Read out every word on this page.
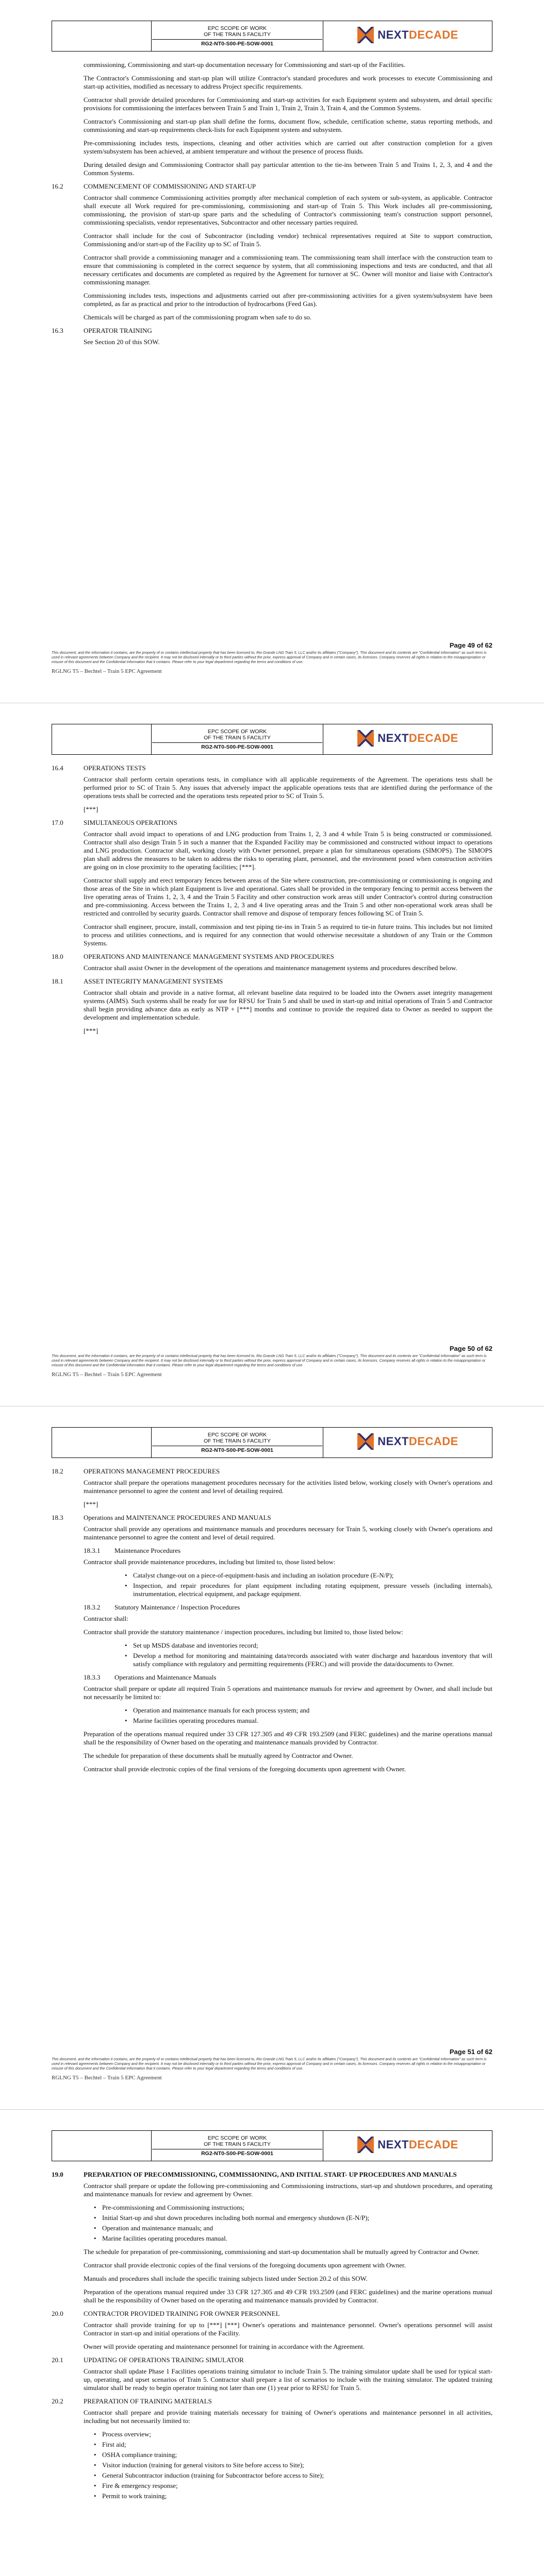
EPC SCOPE OF WORK
OF THE TRAIN 5 FACILITY
RG2-NT0-S00-PE-SOW-0001

NEXTDECADE

commissioning, Commissioning and start-up documentation necessary for Commissioning and start-up of the Facilities.

The Contractor's Commissioning and start-up plan will utilize Contractor's standard procedures and work processes to execute Commissioning and start-up activities, modified as necessary to address Project specific requirements.

Contractor shall provide detailed procedures for Commissioning and start-up activities for each Equipment system and subsystem, and detail specific provisions for commissioning the interfaces between Train 5 and Train 1, Train 2, Train 3, Train 4, and the Common Systems.

Contractor's Commissioning and start-up plan shall define the forms, document flow, schedule, certification scheme, status reporting methods, and commissioning and start-up requirements check-lists for each Equipment system and subsystem.

Pre-commissioning includes tests, inspections, cleaning and other activities which are carried out after construction completion for a given system/subsystem has been achieved, at ambient temperature and without the presence of process fluids.

During detailed design and Commissioning Contractor shall pay particular attention to the tie-ins between Train 5 and Trains 1, 2, 3, and 4 and the Common Systems.

16.2	COMMENCEMENT OF COMMISSIONING AND START-UP

Contractor shall commence Commissioning activities promptly after mechanical completion of each system or sub-system, as applicable. Contractor shall execute all Work required for pre-commissioning, commissioning and start-up of Train 5. This Work includes all pre-commissioning, commissioning, the provision of start-up spare parts and the scheduling of Contractor's commissioning team's construction support personnel, commissioning specialists, vendor representatives, Subcontractor and other necessary parties required.

Contractor shall include for the cost of Subcontractor (including vendor) technical representatives required at Site to support construction, Commissioning and/or start-up of the Facility up to SC of Train 5.

Contractor shall provide a commissioning manager and a commissioning team. The commissioning team shall interface with the construction team to ensure that commissioning is completed in the correct sequence by system, that all commissioning inspections and tests are conducted, and that all necessary certificates and documents are completed as required by the Agreement for turnover at SC. Owner will monitor and liaise with Contractor's commissioning manager.

Commissioning includes tests, inspections and adjustments carried out after pre-commissioning activities for a given system/subsystem have been completed, as far as practical and prior to the introduction of hydrocarbons (Feed Gas).

Chemicals will be charged as part of the commissioning program when safe to do so.

16.3	OPERATOR TRAINING

See Section 20 of this SOW.

Page 49 of 62
This document, and the information it contains, are the property of or contains intellectual property that has been licensed to, Rio Grande LNG Train 5, LLC and/or its affiliates ("Company"). This document and its contents are "Confidential Information" as such term is used in relevant agreements between Company and the recipient. It may not be disclosed internally or to third parties without the prior, express approval of Company and in certain cases, its licensors. Company reserves all rights in relation to the misappropriation or misuse of this document and the Confidential Information that it contains. Please refer to your legal department regarding the terms and conditions of use.
RGLNG T5 – Bechtel – Train 5 EPC Agreement

EPC SCOPE OF WORK
OF THE TRAIN 5 FACILITY
RG2-NT0-S00-PE-SOW-0001

NEXTDECADE
16.4	OPERATIONS TESTS

Contractor shall perform certain operations tests, in compliance with all applicable requirements of the Agreement. The operations tests shall be performed prior to SC of Train 5. Any issues that adversely impact the applicable operations tests that are identified during the performance of the operations tests shall be corrected and the operations tests repeated prior to SC of Train 5.

[***]

17.0	SIMULTANEOUS OPERATIONS

Contractor shall avoid impact to operations of and LNG production from Trains 1, 2, 3 and 4 while Train 5 is being constructed or commissioned. Contractor shall also design Train 5 in such a manner that the Expanded Facility may be commissioned and constructed without impact to operations and LNG production. Contractor shall, working closely with Owner personnel, prepare a plan for simultaneous operations (SIMOPS). The SIMOPS plan shall address the measures to be taken to address the risks to operating plant, personnel, and the environment posed when construction activities are going on in close proximity to the operating facilities; [***].

Contractor shall supply and erect temporary fences between areas of the Site where construction, pre-commissioning or commissioning is ongoing and those areas of the Site in which plant Equipment is live and operational. Gates shall be provided in the temporary fencing to permit access between the live operating areas of Trains 1, 2, 3, 4 and the Train 5 Facility and other construction work areas still under Contractor's control during construction and pre-commissioning. Access between the Trains 1, 2, 3 and 4 live operating areas and the Train 5 and other non-operational work areas shall be restricted and controlled by security guards. Contractor shall remove and dispose of temporary fences following SC of Train 5.

Contractor shall engineer, procure, install, commission and test piping tie-ins in Train 5 as required to tie-in future trains. This includes but not limited to process and utilities connections, and is required for any connection that would otherwise necessitate a shutdown of any Train or the Common Systems.

18.0	OPERATIONS AND MAINTENANCE MANAGEMENT SYSTEMS AND PROCEDURES

Contractor shall assist Owner in the development of the operations and maintenance management systems and procedures described below.

18.1	ASSET INTEGRITY MANAGEMENT SYSTEMS

Contractor shall obtain and provide in a native format, all relevant baseline data required to be loaded into the Owners asset integrity management systems (AIMS). Such systems shall be ready for use for RFSU for Train 5 and shall be used in start-up and initial operations of Train 5 and Contractor shall begin providing advance data as early as NTP + [***] months and continue to provide the required data to Owner as needed to support the development and implementation schedule.

[***]

Page 50 of 62
This document, and the information it contains, are the property of or contains intellectual property that has been licensed to, Rio Grande LNG Train 5, LLC and/or its affiliates ("Company"). This document and its contents are "Confidential Information" as such term is used in relevant agreements between Company and the recipient. It may not be disclosed internally or to third parties without the prior, express approval of Company and in certain cases, its licensors. Company reserves all rights in relation to the misappropriation or misuse of this document and the Confidential Information that it contains. Please refer to your legal department regarding the terms and conditions of use.
RGLNG T5 – Bechtel – Train 5 EPC Agreement

EPC SCOPE OF WORK
OF THE TRAIN 5 FACILITY
RG2-NT0-S00-PE-SOW-0001

NEXTDECADE
18.2	OPERATIONS MANAGEMENT PROCEDURES

Contractor shall prepare the operations management procedures necessary for the activities listed below, working closely with Owner's operations and maintenance personnel to agree the content and level of detailing required.

[***]

18.3	Operations and MAINTENANCE PROCEDURES AND MANUALS

Contractor shall provide any operations and maintenance manuals and procedures necessary for Train 5, working closely with Owner's operations and maintenance personnel to agree the content and level of detail required.

18.3.1	Maintenance Procedures

Contractor shall provide maintenance procedures, including but limited to, those listed below:

• Catalyst change-out on a piece-of-equipment-basis and including an isolation procedure (E-N/P);
• Inspection, and repair procedures for plant equipment including rotating equipment, pressure vessels (including internals), instrumentation, electrical equipment, and package equipment.
18.3.2	Statutory Maintenance / Inspection Procedures

Contractor shall:

Contractor shall provide the statutory maintenance / inspection procedures, including but limited to, those listed below:

• Set up MSDS database and inventories record;
• Develop a method for monitoring and maintaining data/records associated with water discharge and hazardous inventory that will satisfy compliance with regulatory and permitting requirements (FERC) and will provide the data/documents to Owner.
18.3.3	Operations and Maintenance Manuals

Contractor shall prepare or update all required Train 5 operations and maintenance manuals for review and agreement by Owner, and shall include but not necessarily be limited to:

• Operation and maintenance manuals for each process system; and
• Marine facilities operating procedures manual.

Preparation of the operations manual required under 33 CFR 127.305 and 49 CFR 193.2509 (and FERC guidelines) and the marine operations manual shall be the responsibility of Owner based on the operating and maintenance manuals provided by Contractor.

The schedule for preparation of these documents shall be mutually agreed by Contractor and Owner.

Contractor shall provide electronic copies of the final versions of the foregoing documents upon agreement with Owner.

Page 51 of 62
This document, and the information it contains, are the property of or contains intellectual property that has been licensed to, Rio Grande LNG Train 5, LLC and/or its affiliates ("Company"). This document and its contents are "Confidential Information" as such term is used in relevant agreements between Company and the recipient. It may not be disclosed internally or to third parties without the prior, express approval of Company and in certain cases, its licensors. Company reserves all rights in relation to the misappropriation or misuse of this document and the Confidential Information that it contains. Please refer to your legal department regarding the terms and conditions of use.
RGLNG T5 – Bechtel – Train 5 EPC Agreement

EPC SCOPE OF WORK
OF THE TRAIN 5 FACILITY
RG2-NT0-S00-PE-SOW-0001

NEXTDECADE
19.0	PREPARATION OF PRECOMMISSIONING, COMMISSIONING, AND INITIAL START- UP PROCEDURES AND MANUALS

Contractor shall prepare or update the following pre-commissioning and Commissioning instructions, start-up and shutdown procedures, and operating and maintenance manuals for review and agreement by Owner.

• Pre-commissioning and Commissioning instructions;
• Initial Start-up and shut down procedures including both normal and emergency shutdown (E-N/P);
• Operation and maintenance manuals; and
• Marine facilities operating procedures manual.

The schedule for preparation of pre-commissioning, commissioning and start-up documentation shall be mutually agreed by Contractor and Owner.

Contractor shall provide electronic copies of the final versions of the foregoing documents upon agreement with Owner.

Manuals and procedures shall include the specific training subjects listed under Section 20.2 of this SOW.

Preparation of the operations manual required under 33 CFR 127.305 and 49 CFR 193.2509 (and FERC guidelines) and the marine operations manual shall be the responsibility of Owner based on the operating and maintenance manuals provided by Contractor.

20.0	CONTRACTOR PROVIDED TRAINING FOR OWNER PERSONNEL

Contractor shall provide training for up to [***] [***] Owner's operations and maintenance personnel. Owner's operations personnel will assist Contractor in start-up and initial operations of the Facility.

Owner will provide operating and maintenance personnel for training in accordance with the Agreement.

20.1	UPDATING OF OPERATIONS TRAINING SIMULATOR

Contractor shall update Phase 1 Facilities operations training simulator to include Train 5. The training simulator update shall be used for typical start-up, operating, and upset scenarios of Train 5. Contractor shall prepare a list of scenarios to include with the training simulator. The updated training simulator shall be ready to begin operator training not later than one (1) year prior to RFSU for Train 5.

20.2	PREPARATION OF TRAINING MATERIALS

Contractor shall prepare and provide training materials necessary for training of Owner's operations and maintenance personnel in all activities, including but not necessarily limited to:

• Process overview;
• First aid;
• OSHA compliance training;
• Visitor induction (training for general visitors to Site before access to Site);
• General Subcontractor induction (training for Subcontractor before access to Site);
• Fire & emergency response;
• Permit to work training;
